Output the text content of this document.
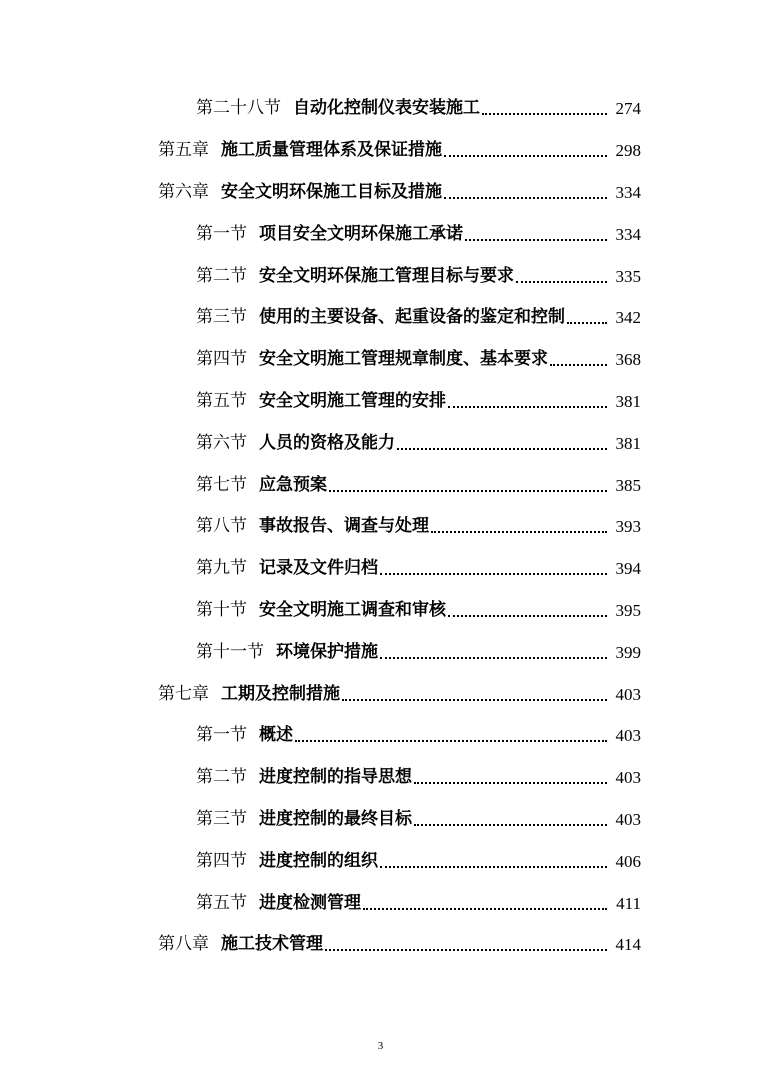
第二十八节 自动化控制仪表安装施工	274
第五章 施工质量管理体系及保证措施	298
第六章 安全文明环保施工目标及措施	334
第一节 项目安全文明环保施工承诺	334
第二节 安全文明环保施工管理目标与要求	335
第三节 使用的主要设备、起重设备的鉴定和控制	342
第四节 安全文明施工管理规章制度、基本要求	368
第五节 安全文明施工管理的安排	381
第六节 人员的资格及能力	381
第七节 应急预案	385
第八节 事故报告、调查与处理	393
第九节 记录及文件归档	394
第十节 安全文明施工调查和审核	395
第十一节 环境保护措施	399
第七章 工期及控制措施	403
第一节 概述	403
第二节 进度控制的指导思想	403
第三节 进度控制的最终目标	403
第四节 进度控制的组织	406
第五节 进度检测管理	411
第八章 施工技术管理	414
3
